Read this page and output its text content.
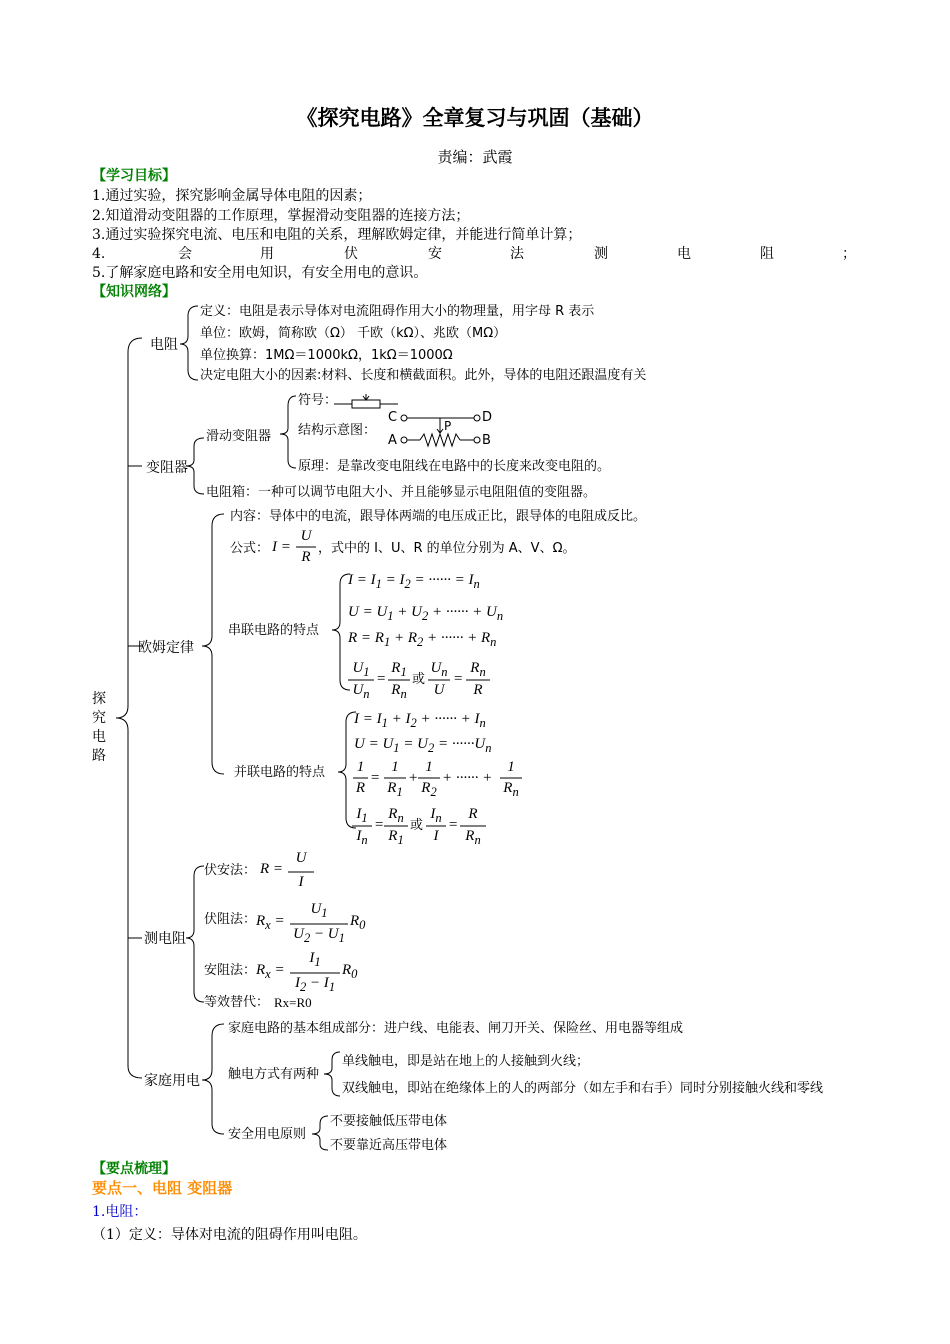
《探究电路》全章复习与巩固（基础）
责编：武霞
【学习目标】
1.通过实验，探究影响金属导体电阻的因素；
2.知道滑动变阻器的工作原理，掌握滑动变阻器的连接方法；
3.通过实验探究电流、电压和电阻的关系，理解欧姆定律，并能进行简单计算；
4.	会	用	伏	安	法	测	电	阻	；
5.了解家庭电路和安全用电知识，有安全用电的意识。
【知识网络】
探究电路
电阻
定义：电阻是表示导体对电流阻碍作用大小的物理量，用字母 R 表示
单位：欧姆，简称欧（Ω） 千欧（kΩ）、兆欧（MΩ）
单位换算：1MΩ＝1000kΩ，1kΩ＝1000Ω
决定电阻大小的因素:材料、长度和横截面积。此外，导体的电阻还跟温度有关
变阻器
滑动变阻器
符号：
结构示意图：
C	D
A	B
P
原理：是靠改变电阻线在电路中的长度来改变电阻的。
电阻箱：一种可以调节电阻大小、并且能够显示电阻阻值的变阻器。
欧姆定律
内容：导体中的电流，跟导体两端的电压成正比，跟导体的电阻成反比。
公式： I =
U
R
，式中的 I、U、R 的单位分别为 A、V、Ω。
串联电路的特点
$I = I_1 = I_2$ = ······ = $I_n$
$U = U_1 + U_2$ + ······ + $U_n$
$R = R_1 + R_2$ + ······ + $R_n$
$U_1$
$U_n$
=
$R_1$
$R_n$
或
$U_n$
U
=
$R_n$
R
并联电路的特点
$I = I_1 + I_2$ + ······ + $I_n$
$U = U_1 = U_2 = \cdot\cdot\cdot\cdot\cdot\cdot U_n$
1
R
=
1
$R_1$
+
1
$R_2$
+ ······ +
1
$R_n$
$I_1$
$I_n$
=
$R_n$
$R_1$
或
$I_n$
I
=
R
$R_n$
测电阻
伏安法： R =
U
I
伏阻法： $R_x$ =
$U_1$
$U_2 - U_1$
$R_0$
安阻法： $R_x$ =
$I_1$
$I_2 - I_1$
$R_0$
等效替代： Rx=R0
家庭用电
家庭电路的基本组成部分：进户线、电能表、闸刀开关、保险丝、用电器等组成
触电方式有两种
单线触电，即是站在地上的人接触到火线；
双线触电，即站在绝缘体上的人的两部分（如左手和右手）同时分别接触火线和零线
安全用电原则
不要接触低压带电体
不要靠近高压带电体
【要点梳理】
要点一、电阻 变阻器
1.电阻：
（1）定义：导体对电流的阻碍作用叫电阻。
